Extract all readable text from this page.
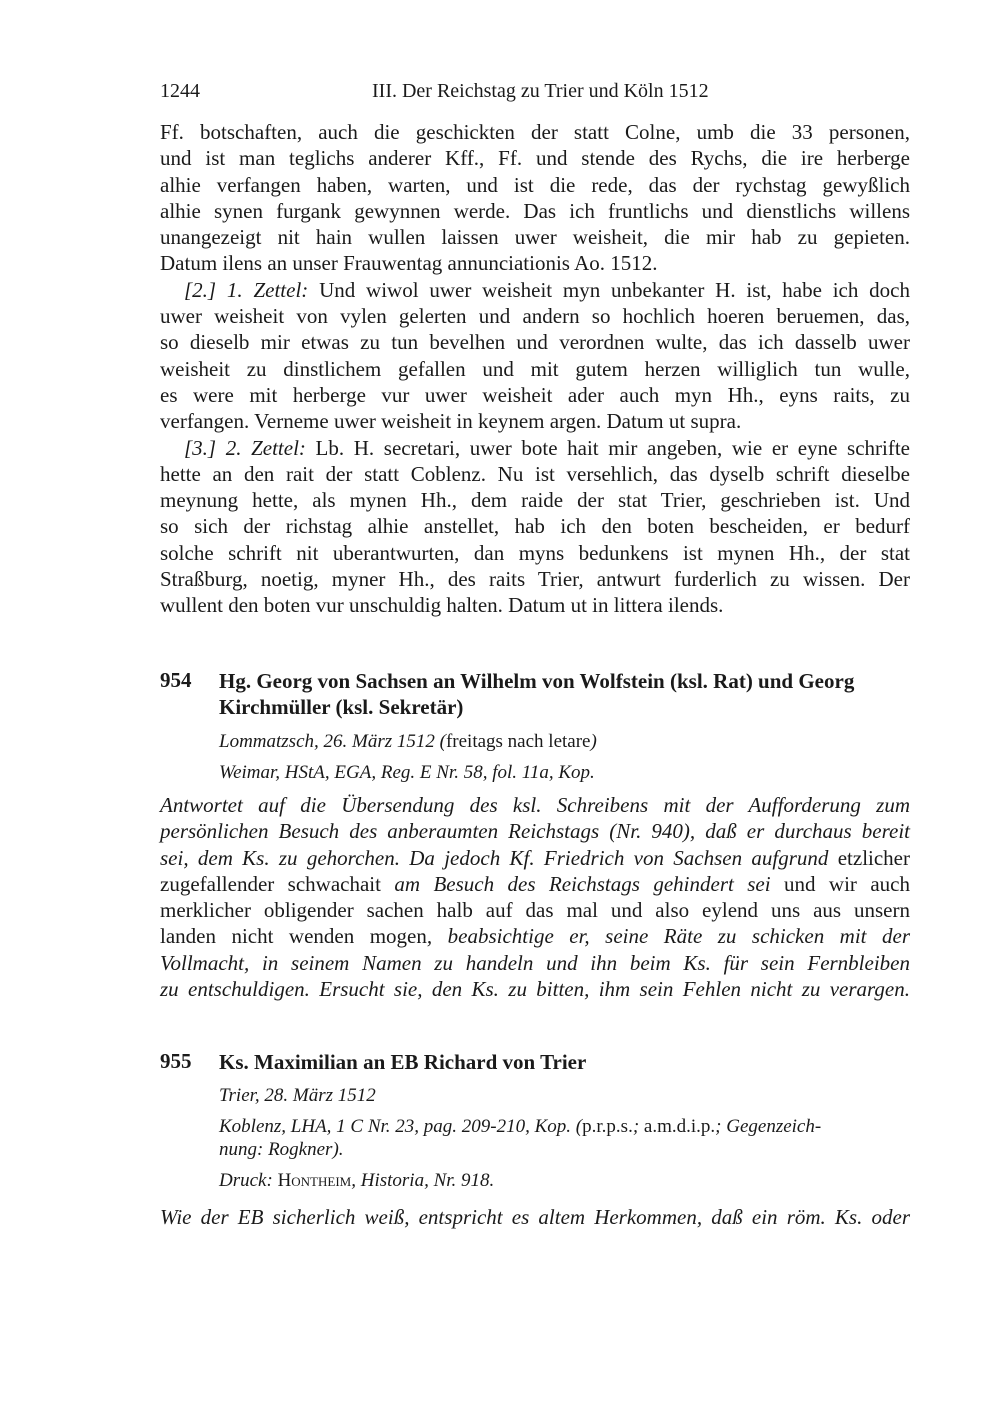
1244	III. Der Reichstag zu Trier und Köln 1512
Ff. botschaften, auch die geschickten der statt Colne, umb die 33 personen,
und ist man teglichs anderer Kff., Ff. und stende des Rychs, die ire herberge
alhie verfangen haben, warten, und ist die rede, das der rychstag gewyßlich
alhie synen furgank gewynnen werde. Das ich fruntlichs und dienstlichs willens
unangezeigt nit hain wullen laissen uwer weisheit, die mir hab zu gepieten.
Datum ilens an unser Frauwentag annunciationis Ao. 1512.
[2.] 1. Zettel: Und wiwol uwer weisheit myn unbekanter H. ist, habe ich doch
uwer weisheit von vylen gelerten und andern so hochlich hoeren beruemen, das,
so dieselb mir etwas zu tun bevelhen und verordnen wulte, das ich dasselb uwer
weisheit zu dinstlichem gefallen und mit gutem herzen williglich tun wulle,
es were mit herberge vur uwer weisheit ader auch myn Hh., eyns raits, zu
verfangen. Verneme uwer weisheit in keynem argen. Datum ut supra.
[3.] 2. Zettel: Lb. H. secretari, uwer bote hait mir angeben, wie er eyne schrifte
hette an den rait der statt Coblenz. Nu ist versehlich, das dyselb schrift dieselbe
meynung hette, als mynen Hh., dem raide der stat Trier, geschrieben ist. Und
so sich der richstag alhie anstellet, hab ich den boten bescheiden, er bedurf
solche schrift nit uberantwurten, dan myns bedunkens ist mynen Hh., der stat
Straßburg, noetig, myner Hh., des raits Trier, antwurt furderlich zu wissen. Der
wullent den boten vur unschuldig halten. Datum ut in littera ilends.
954 Hg. Georg von Sachsen an Wilhelm von Wolfstein (ksl. Rat) und Georg
Kirchmüller (ksl. Sekretär)
Lommatzsch, 26. März 1512 (freitags nach letare)
Weimar, HStA, EGA, Reg. E Nr. 58, fol. 11a, Kop.
Antwortet auf die Übersendung des ksl. Schreibens mit der Aufforderung zum
persönlichen Besuch des anberaumten Reichstags (Nr. 940), daß er durchaus bereit
sei, dem Ks. zu gehorchen. Da jedoch Kf. Friedrich von Sachsen aufgrund etzlicher
zugefallender schwachait am Besuch des Reichstags gehindert sei und wir auch
merklicher obligender sachen halb auf das mal und also eylend uns aus unsern
landen nicht wenden mogen, beabsichtige er, seine Räte zu schicken mit der
Vollmacht, in seinem Namen zu handeln und ihn beim Ks. für sein Fernbleiben
zu entschuldigen. Ersucht sie, den Ks. zu bitten, ihm sein Fehlen nicht zu verargen.
955 Ks. Maximilian an EB Richard von Trier
Trier, 28. März 1512
Koblenz, LHA, 1 C Nr. 23, pag. 209-210, Kop. (p.r.p.s.; a.m.d.i.p.; Gegenzeich-
nung: Rogkner).
Druck: Hontheim, Historia, Nr. 918.
Wie der EB sicherlich weiß, entspricht es altem Herkommen, daß ein röm. Ks. oder
